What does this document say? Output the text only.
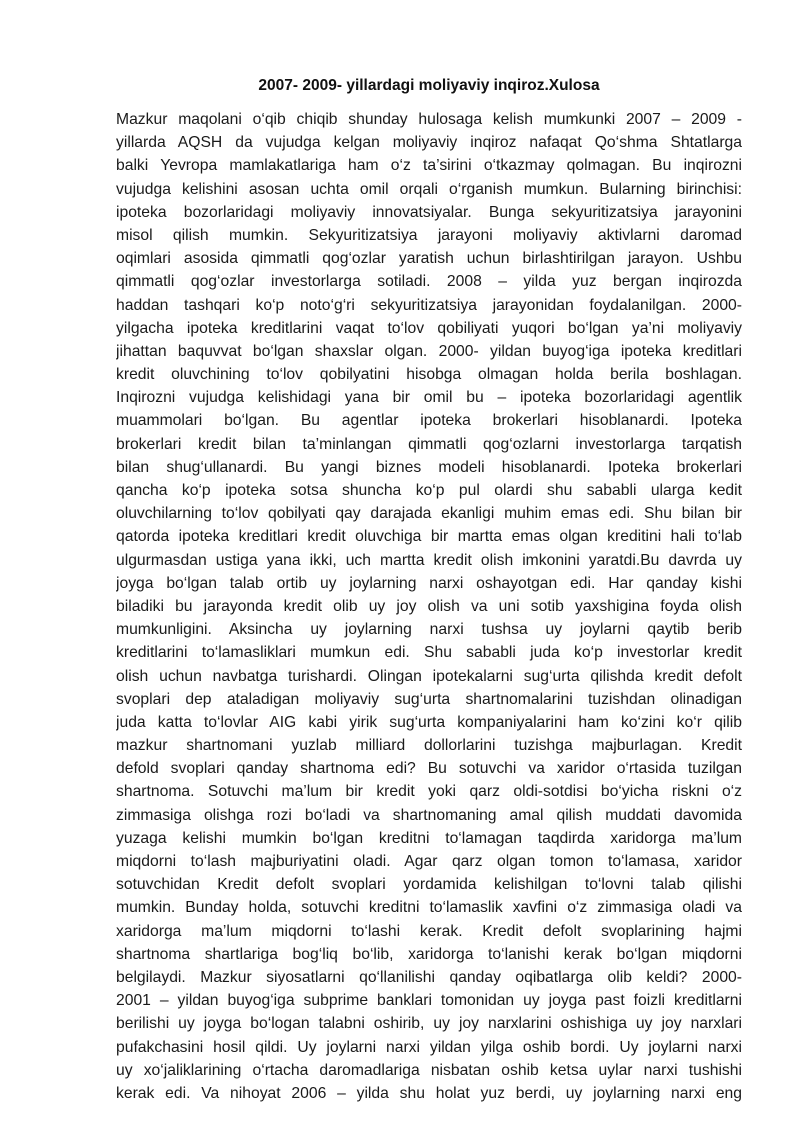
2007- 2009- yillardagi moliyaviy inqiroz.Xulosa
Mazkur maqolani o‘qib chiqib shunday hulosaga kelish mumkunki 2007 – 2009 -
yillarda AQSH da vujudga kelgan moliyaviy inqiroz nafaqat Qo‘shma Shtatlarga
balki Yevropa mamlakatlariga ham o‘z ta’sirini o‘tkazmay qolmagan. Bu inqirozni
vujudga kelishini asosan uchta omil orqali o‘rganish mumkun. Bularning birinchisi:
ipoteka bozorlaridagi moliyaviy innovatsiyalar. Bunga sekyuritizatsiya jarayonini
misol qilish mumkin. Sekyuritizatsiya jarayoni moliyaviy aktivlarni daromad
oqimlari asosida qimmatli qog‘ozlar yaratish uchun birlashtirilgan jarayon. Ushbu
qimmatli qog‘ozlar investorlarga sotiladi. 2008 – yilda yuz bergan inqirozda
haddan tashqari ko‘p noto‘g‘ri sekyuritizatsiya jarayonidan foydalanilgan. 2000-
yilgacha ipoteka kreditlarini vaqat to‘lov qobiliyati yuqori bo‘lgan ya’ni moliyaviy
jihattan baquvvat bo‘lgan shaxslar olgan. 2000- yildan buyog‘iga ipoteka kreditlari
kredit oluvchining to‘lov qobilyatini hisobga olmagan holda berila boshlagan.
Inqirozni vujudga kelishidagi yana bir omil bu – ipoteka bozorlaridagi agentlik
muammolari bo‘lgan. Bu agentlar ipoteka brokerlari hisoblanardi. Ipoteka
brokerlari kredit bilan ta’minlangan qimmatli qog‘ozlarni investorlarga tarqatish
bilan shug‘ullanardi. Bu yangi biznes modeli hisoblanardi. Ipoteka brokerlari
qancha ko‘p ipoteka sotsa shuncha ko‘p pul olardi shu sababli ularga kedit
oluvchilarning to‘lov qobilyati qay darajada ekanligi muhim emas edi. Shu bilan bir
qatorda ipoteka kreditlari kredit oluvchiga bir martta emas olgan kreditini hali to‘lab
ulgurmasdan ustiga yana ikki, uch martta kredit olish imkonini yaratdi.Bu davrda uy
joyga bo‘lgan talab ortib uy joylarning narxi oshayotgan edi. Har qanday kishi
biladiki bu jarayonda kredit olib uy joy olish va uni sotib yaxshigina foyda olish
mumkunligini. Aksincha uy joylarning narxi tushsa uy joylarni qaytib berib
kreditlarini to‘lamasliklari mumkun edi. Shu sababli juda ko‘p investorlar kredit
olish uchun navbatga turishardi. Olingan ipotekalarni sug‘urta qilishda kredit defolt
svoplari dep ataladigan moliyaviy sug‘urta shartnomalarini tuzishdan olinadigan
juda katta to‘lovlar AIG kabi yirik sug‘urta kompaniyalarini ham ko‘zini ko‘r qilib
mazkur shartnomani yuzlab milliard dollorlarini tuzishga majburlagan. Kredit
defold svoplari qanday shartnoma edi? Bu sotuvchi va xaridor o‘rtasida tuzilgan
shartnoma. Sotuvchi ma’lum bir kredit yoki qarz oldi-sotdisi bo‘yicha riskni o‘z
zimmasiga olishga rozi bo‘ladi va shartnomaning amal qilish muddati davomida
yuzaga kelishi mumkin bo‘lgan kreditni to‘lamagan taqdirda xaridorga ma’lum
miqdorni to‘lash majburiyatini oladi. Agar qarz olgan tomon to‘lamasa, xaridor
sotuvchidan Kredit defolt svoplari yordamida kelishilgan to‘lovni talab qilishi
mumkin. Bunday holda, sotuvchi kreditni to‘lamaslik xavfini o‘z zimmasiga oladi va
xaridorga ma’lum miqdorni to‘lashi kerak. Kredit defolt svoplarining hajmi
shartnoma shartlariga bog‘liq bo‘lib, xaridorga to‘lanishi kerak bo‘lgan miqdorni
belgilaydi. Mazkur siyosatlarni qo‘llanilishi qanday oqibatlarga olib keldi? 2000-
2001 – yildan buyog‘iga subprime banklari tomonidan uy joyga past foizli kreditlarni
berilishi uy joyga bo‘logan talabni oshirib, uy joy narxlarini oshishiga uy joy narxlari
pufakchasini hosil qildi. Uy joylarni narxi yildan yilga oshib bordi. Uy joylarni narxi
uy xo‘jaliklarining o‘rtacha daromadlariga nisbatan oshib ketsa uylar narxi tushishi
kerak edi. Va nihoyat 2006 – yilda shu holat yuz berdi, uy joylarning narxi eng
